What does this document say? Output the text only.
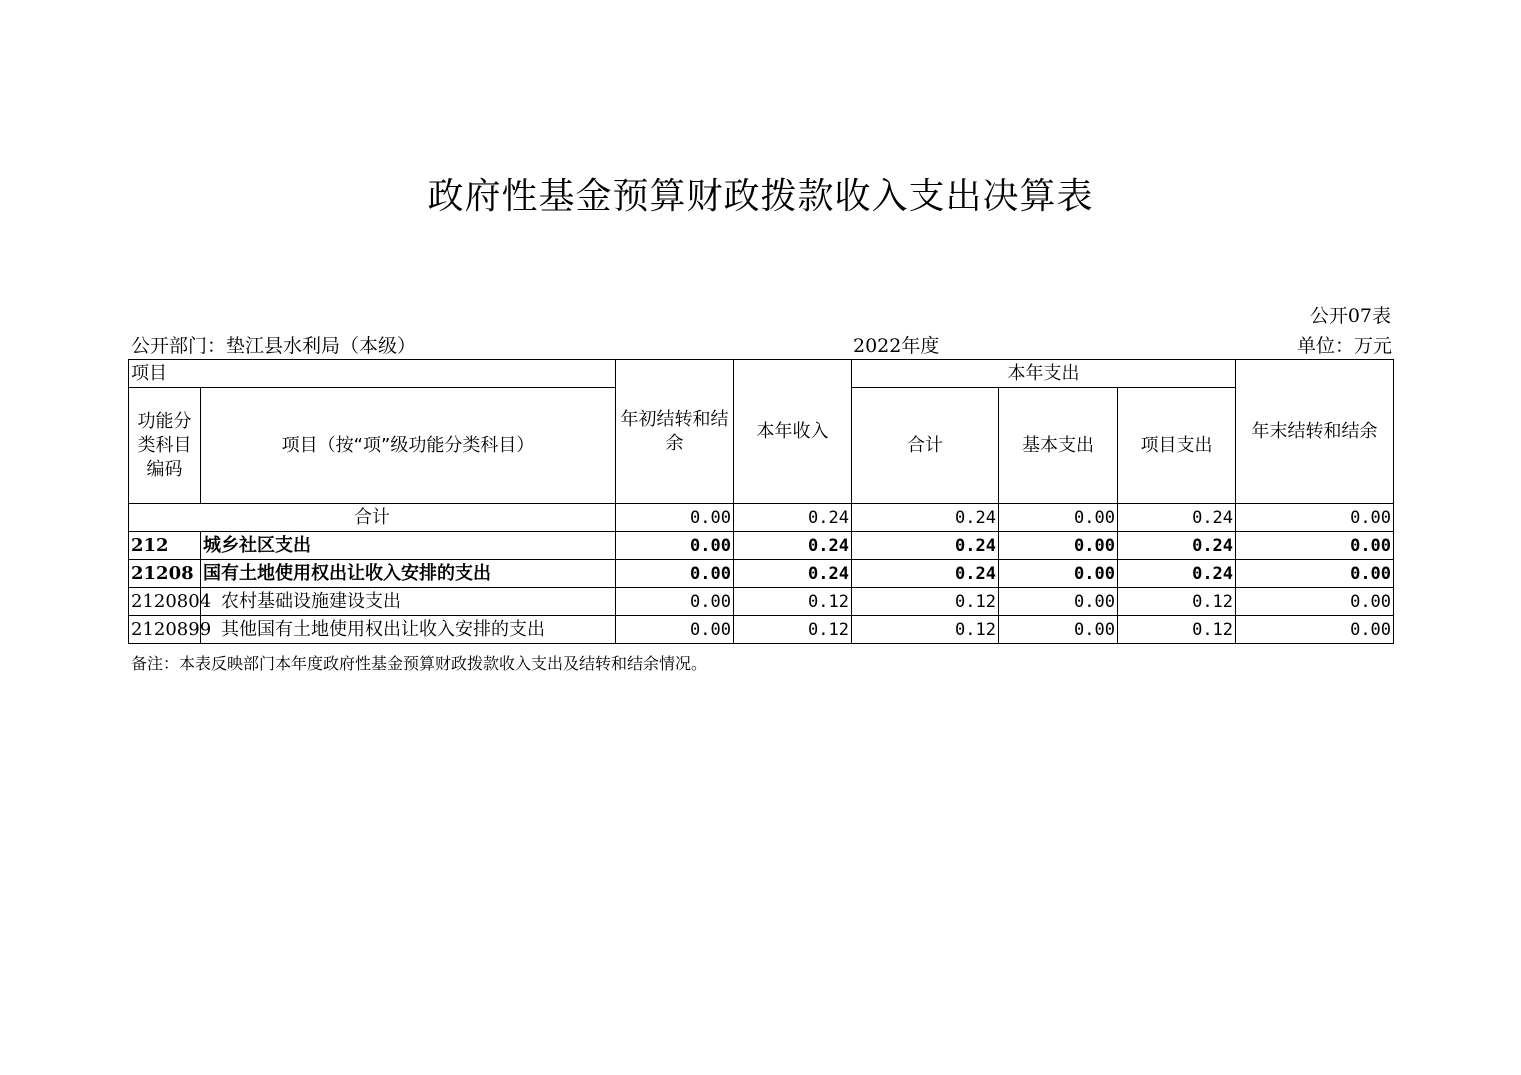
政府性基金预算财政拨款收入支出决算表
公开07表
公开部门：垫江县水利局（本级）	2022年度	单位：万元
项目		年初结转和结余	本年收入	本年支出			年末结转和结余
功能分类科目编码	项目（按“项”级功能分类科目）			合计	基本支出	项目支出	
合计		0.00	0.24	0.24	0.00	0.24	0.00
212	城乡社区支出	0.00	0.24	0.24	0.00	0.24	0.00
21208	国有土地使用权出让收入安排的支出	0.00	0.24	0.24	0.00	0.24	0.00
2120804	农村基础设施建设支出	0.00	0.12	0.12	0.00	0.12	0.00
2120899	其他国有土地使用权出让收入安排的支出	0.00	0.12	0.12	0.00	0.12	0.00
备注：本表反映部门本年度政府性基金预算财政拨款收入支出及结转和结余情况。
